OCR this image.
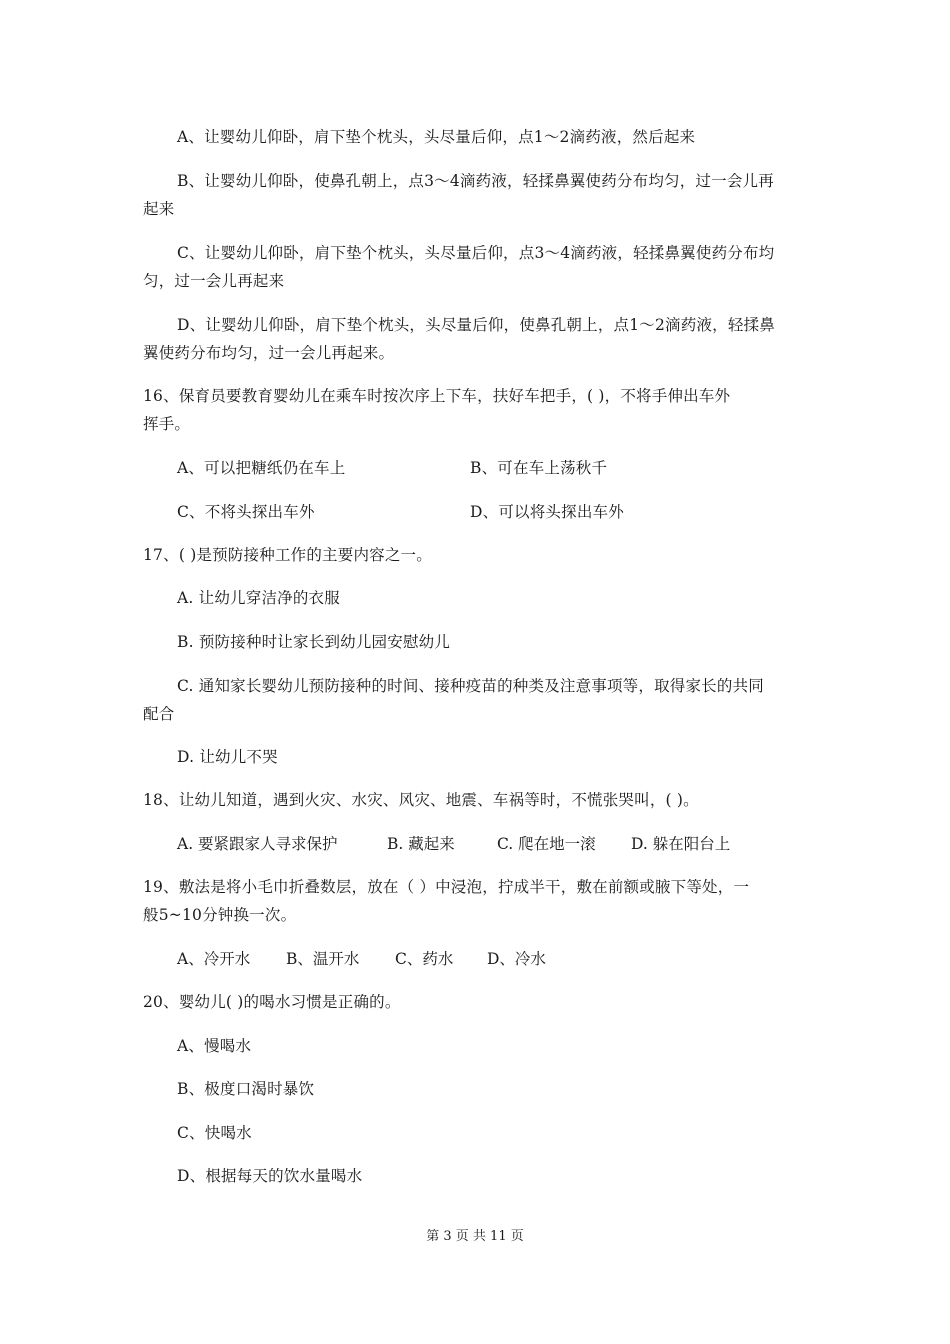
A、让婴幼儿仰卧，肩下垫个枕头，头尽量后仰，点1～2滴药液，然后起来
B、让婴幼儿仰卧，使鼻孔朝上，点3～4滴药液，轻揉鼻翼使药分布均匀，过一会儿再
起来
C、让婴幼儿仰卧，肩下垫个枕头，头尽量后仰，点3～4滴药液，轻揉鼻翼使药分布均
匀，过一会儿再起来
D、让婴幼儿仰卧，肩下垫个枕头，头尽量后仰，使鼻孔朝上，点1～2滴药液，轻揉鼻
翼使药分布均匀，过一会儿再起来。
16、保育员要教育婴幼儿在乘车时按次序上下车，扶好车把手，( )，不将手伸出车外
挥手。
A、可以把糖纸仍在车上	B、可在车上荡秋千
C、不将头探出车外	D、可以将头探出车外
17、( )是预防接种工作的主要内容之一。
A. 让幼儿穿洁净的衣服
B. 预防接种时让家长到幼儿园安慰幼儿
C. 通知家长婴幼儿预防接种的时间、接种疫苗的种类及注意事项等，取得家长的共同
配合
D. 让幼儿不哭
18、让幼儿知道，遇到火灾、水灾、风灾、地震、车祸等时，不慌张哭叫，( )。
A. 要紧跟家人寻求保护	B. 藏起来	C. 爬在地一滚 D. 躲在阳台上
19、敷法是将小毛巾折叠数层，放在（ ）中浸泡，拧成半干，敷在前额或腋下等处，一
般5~10分钟换一次。
A、冷开水 B、温开水 C、药水 D、冷水
20、婴幼儿( )的喝水习惯是正确的。
A、慢喝水
B、极度口渴时暴饮
C、快喝水
D、根据每天的饮水量喝水
第 3 页 共 11 页
